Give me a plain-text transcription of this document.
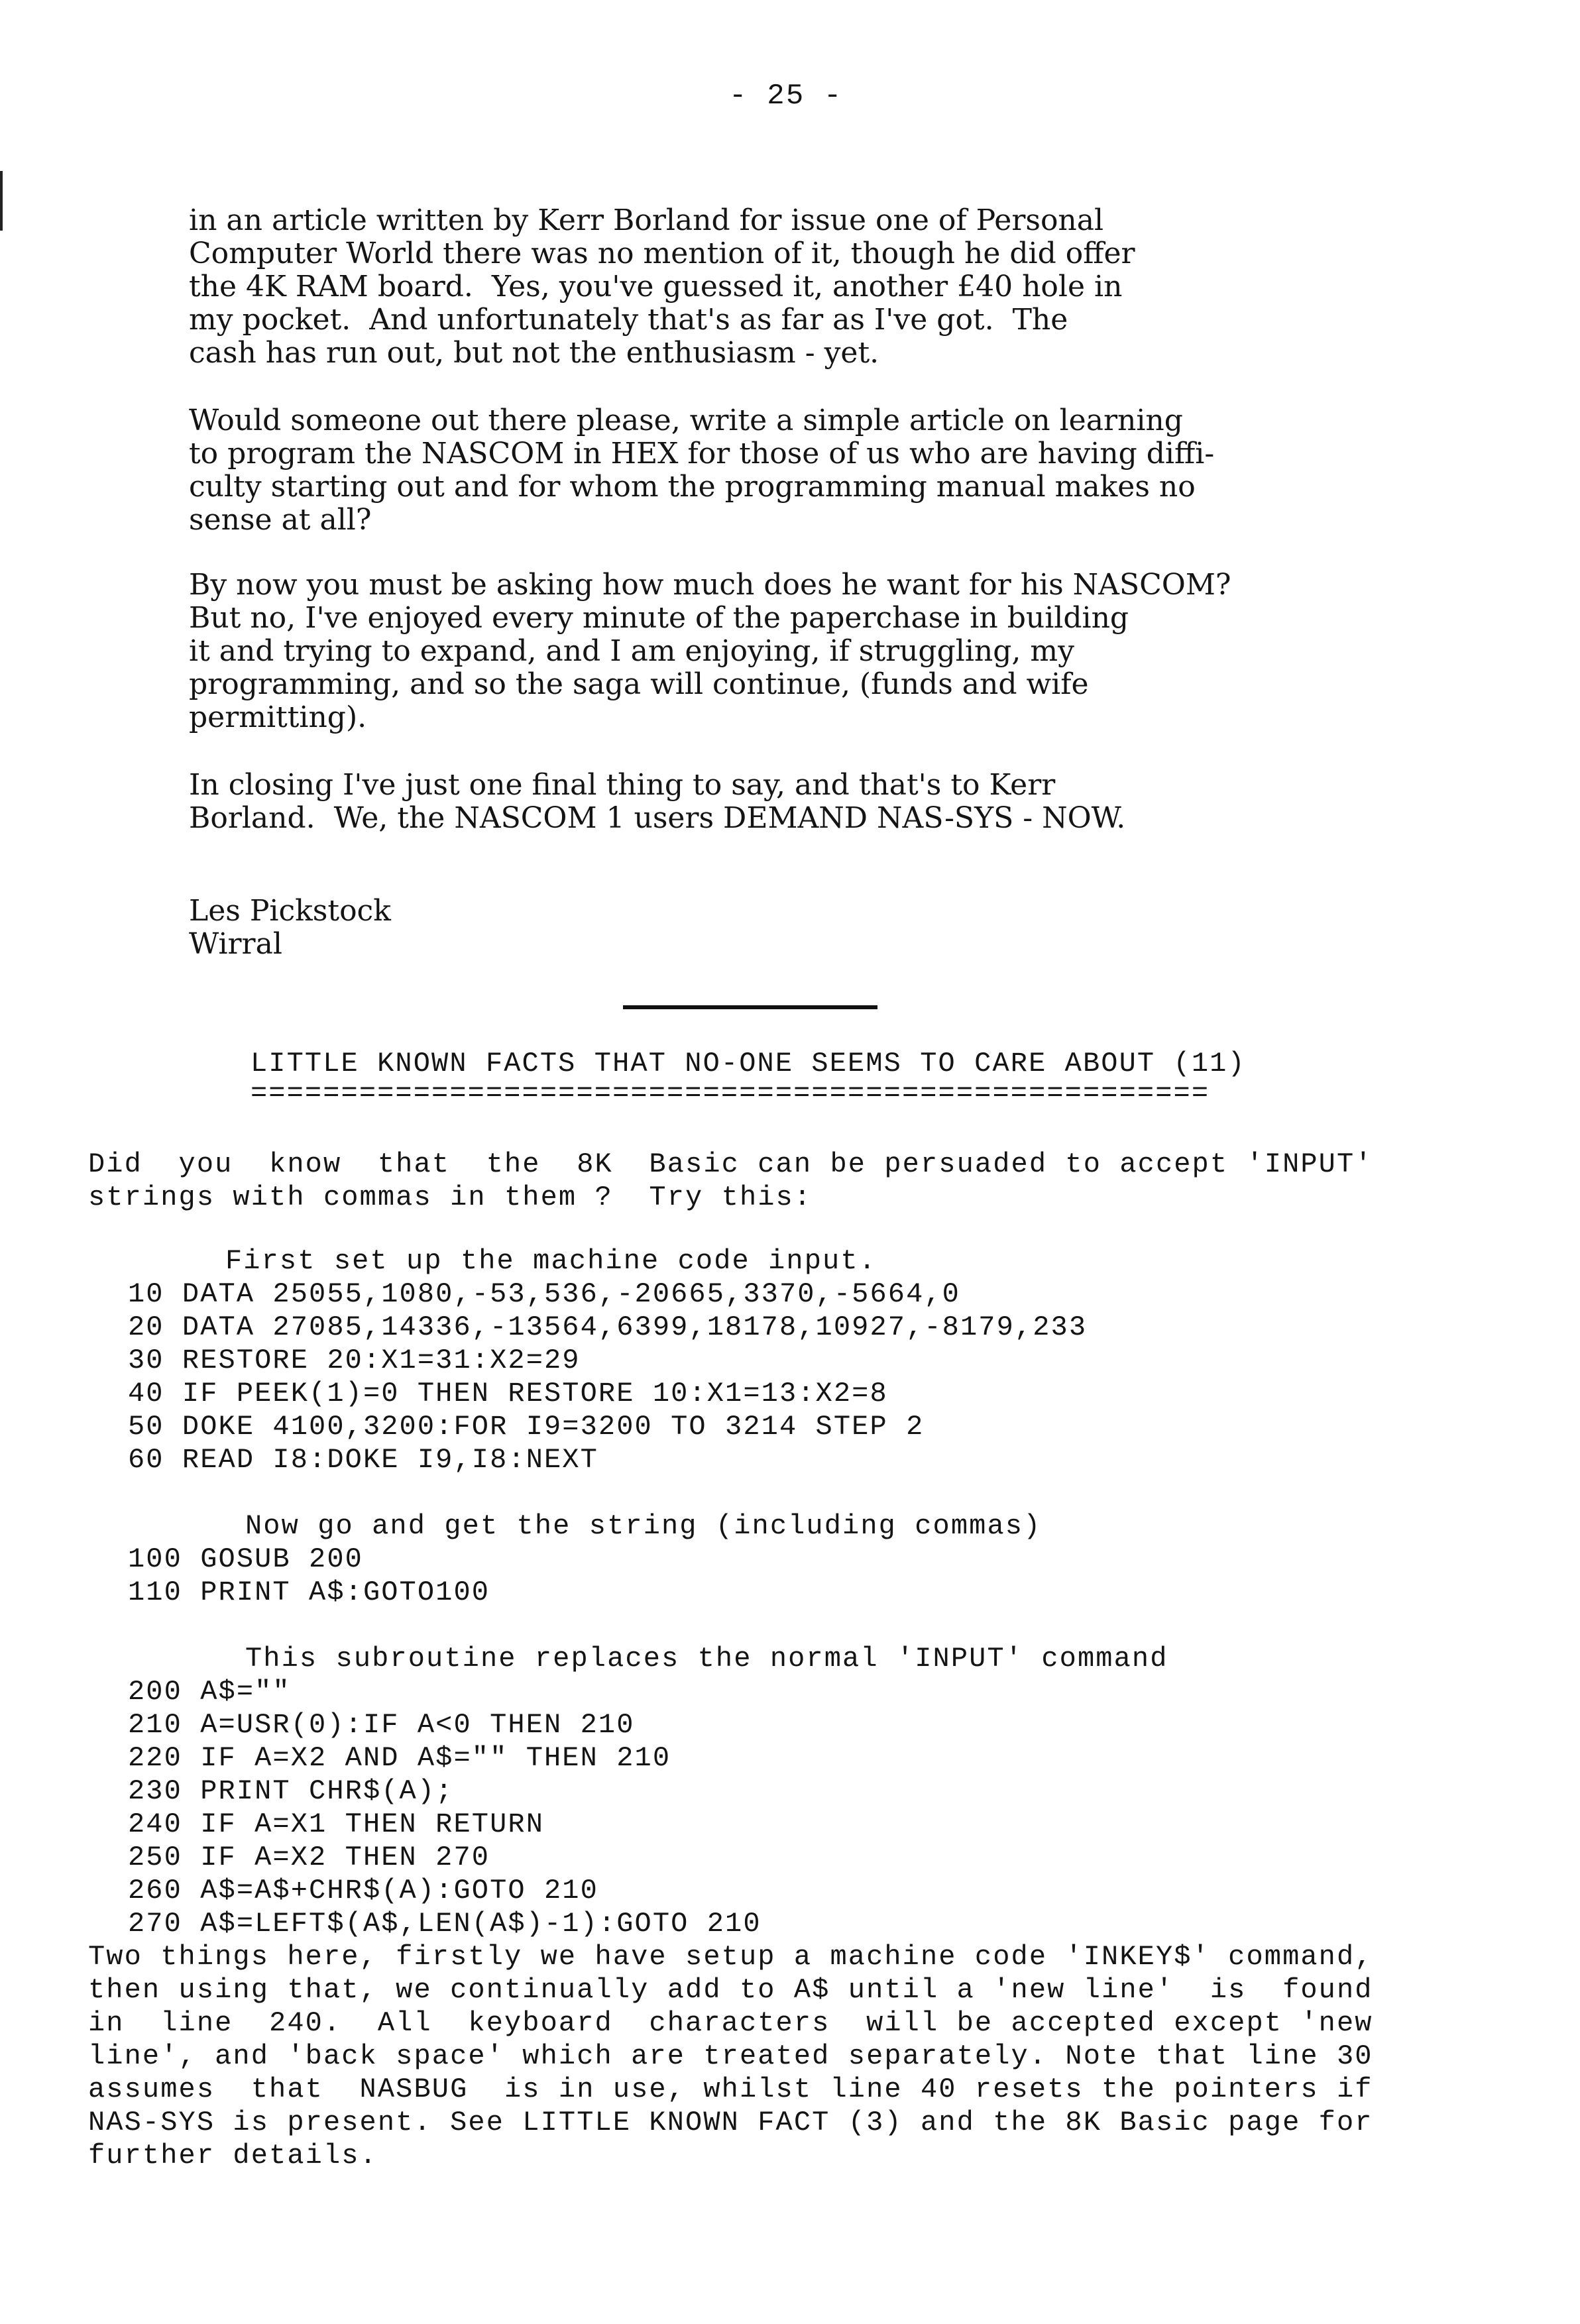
- 25 -
in an article written by Kerr Borland for issue one of Personal
Computer World there was no mention of it, though he did offer
the 4K RAM board.  Yes, you've guessed it, another £40 hole in
my pocket.  And unfortunately that's as far as I've got.  The
cash has run out, but not the enthusiasm - yet.
Would someone out there please, write a simple article on learning
to program the NASCOM in HEX for those of us who are having diffi-
culty starting out and for whom the programming manual makes no
sense at all?
By now you must be asking how much does he want for his NASCOM?
But no, I've enjoyed every minute of the paperchase in building
it and trying to expand, and I am enjoying, if struggling, my
programming, and so the saga will continue, (funds and wife
permitting).
In closing I've just one final thing to say, and that's to Kerr
Borland.  We, the NASCOM 1 users DEMAND NAS-SYS - NOW.
Les Pickstock
Wirral
LITTLE KNOWN FACTS THAT NO-ONE SEEMS TO CARE ABOUT (11)
=====================================================
Did  you  know  that  the  8K  Basic can be persuaded to accept 'INPUT'
strings with commas in them ?  Try this:
First set up the machine code input.
10 DATA 25055,1080,-53,536,-20665,3370,-5664,0
20 DATA 27085,14336,-13564,6399,18178,10927,-8179,233
30 RESTORE 20:X1=31:X2=29
40 IF PEEK(1)=0 THEN RESTORE 10:X1=13:X2=8
50 DOKE 4100,3200:FOR I9=3200 TO 3214 STEP 2
60 READ I8:DOKE I9,I8:NEXT
Now go and get the string (including commas)
100 GOSUB 200
110 PRINT A$:GOTO100
This subroutine replaces the normal 'INPUT' command
200 A$=""
210 A=USR(0):IF A<0 THEN 210
220 IF A=X2 AND A$="" THEN 210
230 PRINT CHR$(A);
240 IF A=X1 THEN RETURN
250 IF A=X2 THEN 270
260 A$=A$+CHR$(A):GOTO 210
270 A$=LEFT$(A$,LEN(A$)-1):GOTO 210
Two things here, firstly we have setup a machine code 'INKEY$' command,
then using that, we continually add to A$ until a 'new line'  is  found
in  line  240.  All  keyboard  characters  will be accepted except 'new
line', and 'back space' which are treated separately. Note that line 30
assumes  that  NASBUG  is in use, whilst line 40 resets the pointers if
NAS-SYS is present. See LITTLE KNOWN FACT (3) and the 8K Basic page for
further details.
